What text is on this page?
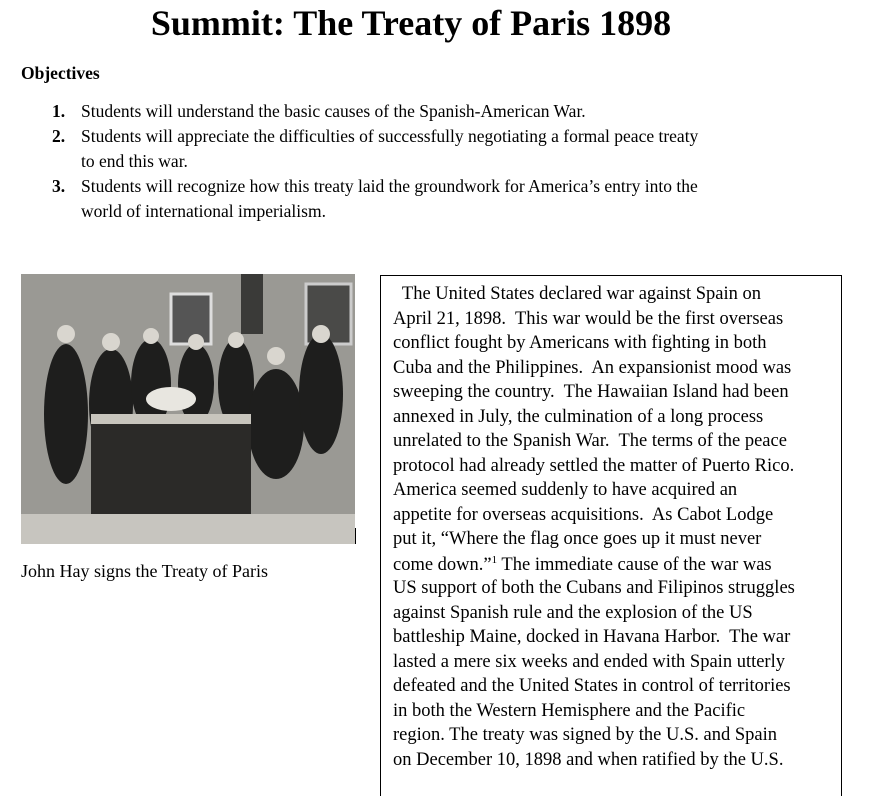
Summit: The Treaty of Paris 1898
Objectives
1. Students will understand the basic causes of the Spanish-American War.
2. Students will appreciate the difficulties of successfully negotiating a formal peace treaty
to end this war.
3. Students will recognize how this treaty laid the groundwork for America’s entry into the
world of international imperialism.
John Hay signs the Treaty of Paris
The United States declared war against Spain on
April 21, 1898.  This war would be the first overseas
conflict fought by Americans with fighting in both
Cuba and the Philippines.  An expansionist mood was
sweeping the country.  The Hawaiian Island had been
annexed in July, the culmination of a long process
unrelated to the Spanish War.  The terms of the peace
protocol had already settled the matter of Puerto Rico.
America seemed suddenly to have acquired an
appetite for overseas acquisitions.  As Cabot Lodge
put it, “Where the flag once goes up it must never
come down.”$^1$ The immediate cause of the war was
US support of both the Cubans and Filipinos struggles
against Spanish rule and the explosion of the US
battleship Maine, docked in Havana Harbor.  The war
lasted a mere six weeks and ended with Spain utterly
defeated and the United States in control of territories
in both the Western Hemisphere and the Pacific
region. The treaty was signed by the U.S. and Spain
on December 10, 1898 and when ratified by the U.S.
